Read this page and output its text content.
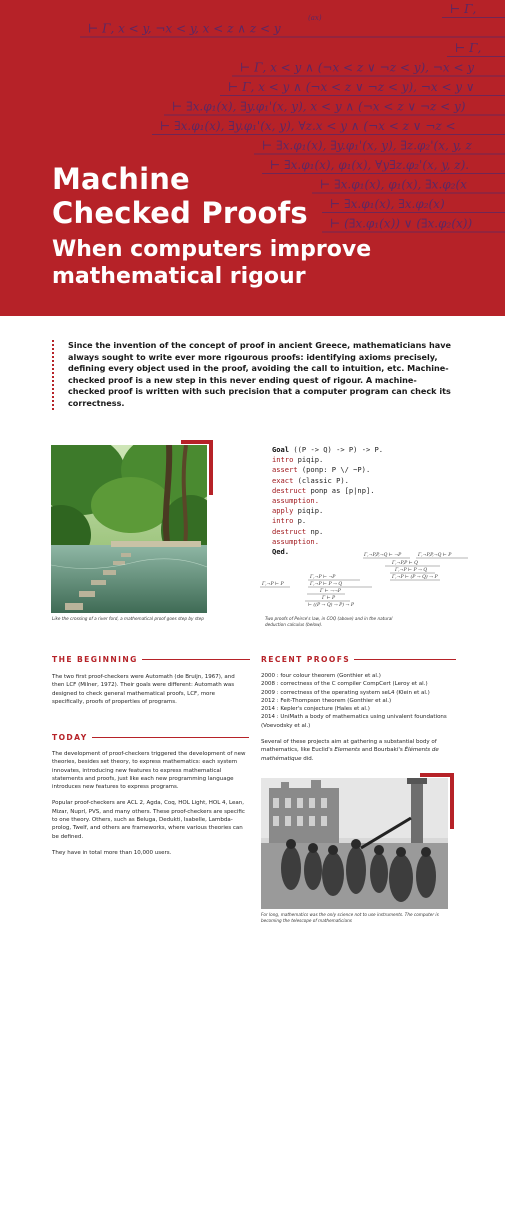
⊢ Γ,
⊢ Γ, x < y, ¬x < y, x < z ∧ z < y
⊢ Γ,
⊢ Γ, x < y ∧ (¬x < z ∨ ¬z < y), ¬x < y
⊢ Γ, x < y ∧ (¬x < z ∨ ¬z < y), ¬x < y ∨
⊢ ∃x.φ₁(x), ∃y.φ₁'(x, y), x < y ∧ (¬x < z ∨ ¬z < y)
⊢ ∃x.φ₁(x), ∃y.φ₁'(x, y), ∀z.x < y ∧ (¬x < z ∨ ¬z <
⊢ ∃x.φ₁(x), ∃y.φ₁'(x, y), ∃z.φ₂'(x, y, z
⊢ ∃x.φ₁(x), φ₁(x), ∀y∃z.φ₂'(x, y, z).
⊢ ∃x.φ₁(x), φ₁(x), ∃x.φ₂(x
⊢ ∃x.φ₁(x), ∃x.φ₂(x)
⊢ (∃x.φ₁(x)) ∨ (∃x.φ₂(x))
(ax)
Machine
Checked Proofs
When computers improve
mathematical rigour

Since the invention of the concept of proof in ancient Greece, mathematicians have always sought to write ever more rigourous proofs: identifying axioms precisely, defining every object used in the proof, avoiding the call to intuition, etc. Machine-checked proof is a new step in this never ending quest of rigour. A machine-checked proof is written with such precision that a computer program can check its correctness.

Like the crossing of a river ford, a mathematical proof goes step by step
Goal ((P -> Q) -> P) -> P.
intro piqip.
assert (ponp: P \/ ~P).
exact (classic P).
destruct ponp as [p|np].
assumption.
apply piqip.
intro p.
destruct np.
assumption.
Qed.	Γ,¬P,P,¬Q ⊢ ¬P	Γ,¬P,P,¬Q ⊢ P
Γ,¬P,P ⊢ Q
Γ,¬P ⊢ P → Q
Γ,¬P ⊢ ¬P	Γ,¬P ⊢ (P → Q) → P
Γ,¬P ⊢ P	Γ,¬P ⊢ P → Q
Γ ⊢ ¬¬P
Γ ⊢ P
⊢ ((P → Q) → P) → P
Two proofs of Peirce's law, in COQ (above) and in the natural deduction calculus (below).
THE BEGINNING

The two first proof-checkers were Automath (de Bruijn, 1967), and then LCF (Milner, 1972). Their goals were different: Automath was designed to check general mathematical proofs, LCF, more specifically, proofs of properties of programs.

TODAY

The development of proof-checkers triggered the development of new theories, besides set theory, to express mathematics: each system innovates, introducing new features to express mathematical statements and proofs, just like each new programming language introduces new features to express programs.

Popular proof-checkers are ACL 2, Agda, Coq, HOL Light, HOL 4, Lean, Mizar, Nuprl, PVS, and many others. These proof-checkers are specific to one theory. Others, such as Beluga, Dedukti, Isabelle, Lambda-prolog, Twelf, and others are frameworks, where various theories can be defined.

They have in total more than 10,000 users.

RECENT PROOFS
2000 : four colour theorem (Gonthier et al.)
2008 : correctness of the C compiler CompCert (Leroy et al.)
2009 : correctness of the operating system seL4 (Klein et al.)
2012 : Feit-Thompson theorem (Gonthier et al.)
2014 : Kepler's conjecture (Hales et al.)
2014 : UniMath a body of mathematics using univalent foundations (Voevodsky et al.)
Several of these projects aim at gathering a substantial body of mathematics, like Euclid's Elements and Bourbaki's Éléments de mathématique did.
For long, mathematics was the only science not to use instruments. The computer is becoming the telescope of mathematicians
